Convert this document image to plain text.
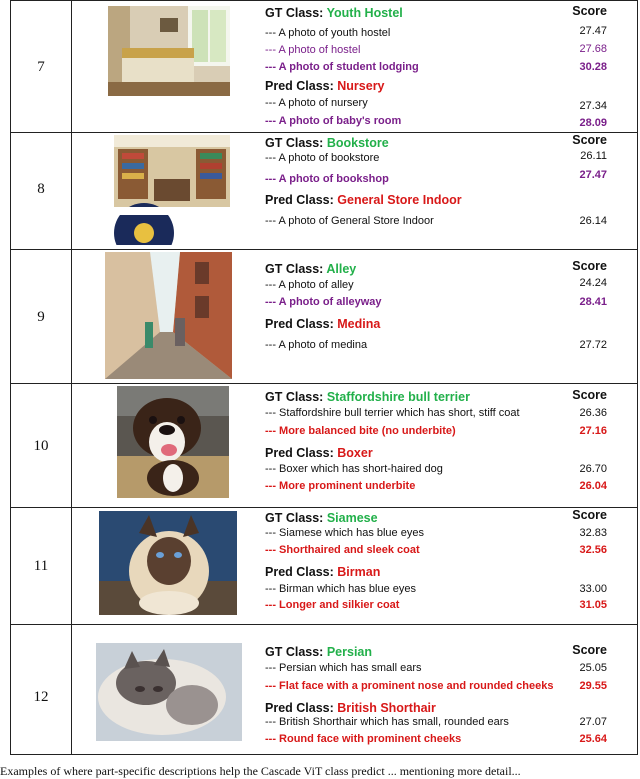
7
GT Class: Youth Hostel	Score
--- A photo of youth hostel	27.47
--- A photo of hostel	27.68
--- A photo of student lodging	30.28
Pred Class: Nursery
--- A photo of nursery	27.34
--- A photo of baby's room	28.09
8
GT Class: Bookstore	Score
--- A photo of bookstore	26.11
--- A photo of bookshop	27.47
Pred Class: General Store Indoor
--- A photo of General Store Indoor	26.14
9
GT Class: Alley	Score
--- A photo of alley	24.24
--- A photo of alleyway	28.41
Pred Class: Medina
--- A photo of medina	27.72
10
GT Class: Staffordshire bull terrier	Score
--- Staffordshire bull terrier which has short, stiff coat	26.36
--- More balanced bite (no underbite)	27.16
Pred Class: Boxer
--- Boxer which has short-haired dog	26.70
--- More prominent underbite	26.04
11
GT Class: Siamese	Score
--- Siamese which has blue eyes	32.83
--- Shorthaired and sleek coat	32.56
Pred Class: Birman
--- Birman which has blue eyes	33.00
--- Longer and silkier coat	31.05
12
GT Class: Persian	Score
--- Persian which has small ears	25.05
--- Flat face with a prominent nose and rounded cheeks 29.55
Pred Class: British Shorthair
--- British Shorthair which has small, rounded ears	27.07
--- Round face with prominent cheeks	25.64
Examples of where part-specific descriptions help the Cascade ViT class predict ... mentioning more detail...
